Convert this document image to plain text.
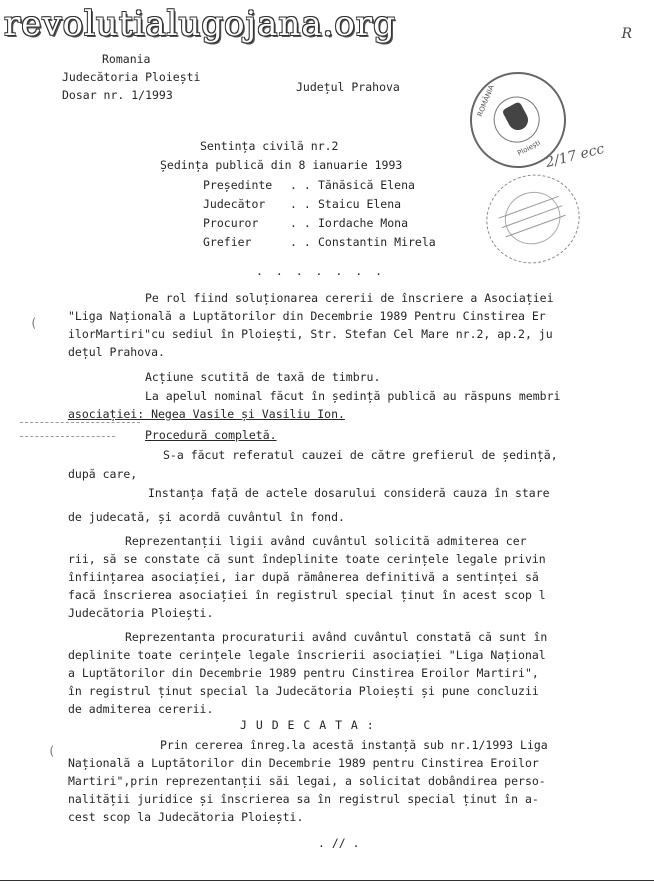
revolutialugojana.org	R
Romania
Judecătoria Ploiești
Județul Prahova
Dosar nr. 1/1993	ROMÂNIA
Ploiești 2/17 ecc
Sentința civilă nr.2
Ședința publică din 8 ianuarie 1993
Președinte . . Tănăsică Elena
Judecător . . Staicu Elena
Procuror	. . Iordache Mona
Grefier	. . Constantin Mirela
. . . . . . .
Pe rol fiind soluționarea cererii de înscriere a Asociației
"Liga Națională a Luptătorilor din Decembrie 1989 Pentru Cinstirea Er
ilorMartiri"cu sediul în Ploiești, Str. Stefan Cel Mare nr.2, ap.2, ju
dețul Prahova.
Acțiune scutită de taxă de timbru.
La apelul nominal făcut în ședință publică au răspuns membri
asociației: Negea Vasile și Vasiliu Ion.
Procedură completă.
S-a făcut referatul cauzei de către grefierul de ședință,
după care,
Instanța față de actele dosarului consideră cauza în stare
de judecată, și acordă cuvântul în fond.
Reprezentanții ligii având cuvântul solicită admiterea cer
rii, să se constate că sunt îndeplinite toate cerințele legale privin
înființarea asociației, iar după rămânerea definitivă a sentinței să
facă înscrierea asociației în registrul special ținut în acest scop l
Judecătoria Ploiești.
Reprezentanta procuraturii având cuvântul constată că sunt în
deplinite toate cerințele legale înscrierii asociației "Liga Național
a Luptătorilor din Decembrie 1989 pentru Cinstirea Eroilor Martiri",
în registrul ținut special la Judecătoria Ploiești și pune concluzii
de admiterea cererii.
J U D E C A T A :
Prin cererea înreg.la acestă instanță sub nr.1/1993 Liga
Națională a Luptătorilor din Decembrie 1989 pentru Cinstirea Eroilor
Martiri",prin reprezentanții săi legai, a solicitat dobândirea perso-
nalității juridice și înscrierea sa în registrul special ținut în a-
cest scop la Judecătoria Ploiești.
. // .
(
(
